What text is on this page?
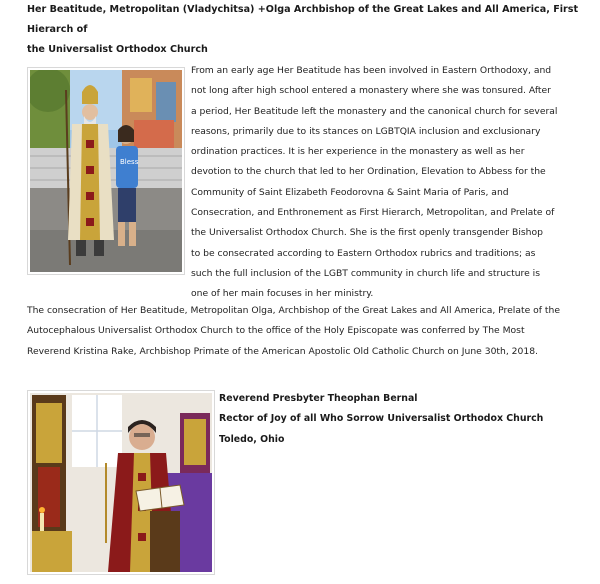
Her Beatitude, Metropolitan (Vladychitsa) +Olga Archbishop of the Great Lakes and All America, First Hierarch of
the Universalist Orthodox Church
Bless
From an early age Her Beatitude has been involved in Eastern Orthodoxy, and
not long after high school entered a monastery where she was tonsured. After
a period, Her Beatitude left the monastery and the canonical church for several
reasons, primarily due to its stances on LGBTQIA inclusion and exclusionary
ordination practices. It is her experience in the monastery as well as her
devotion to the church that led to her Ordination, Elevation to Abbess for the
Community of Saint Elizabeth Feodorovna & Saint Maria of Paris, and
Consecration, and Enthronement as First Hierarch, Metropolitan, and Prelate of
the Universalist Orthodox Church. She is the first openly transgender Bishop
to be consecrated according to Eastern Orthodox rubrics and traditions; as
such the full inclusion of the LGBT community in church life and structure is
one of her main focuses in her ministry.
The consecration of Her Beatitude, Metropolitan Olga, Archbishop of the Great Lakes and All America, Prelate of the
Autocephalous Universalist Orthodox Church to the office of the Holy Episcopate was conferred by The Most
Reverend Kristina Rake, Archbishop Primate of the American Apostolic Old Catholic Church on June 30th, 2018.
Reverend Presbyter Theophan Bernal
Rector of Joy of all Who Sorrow Universalist Orthodox Church
Toledo, Ohio
